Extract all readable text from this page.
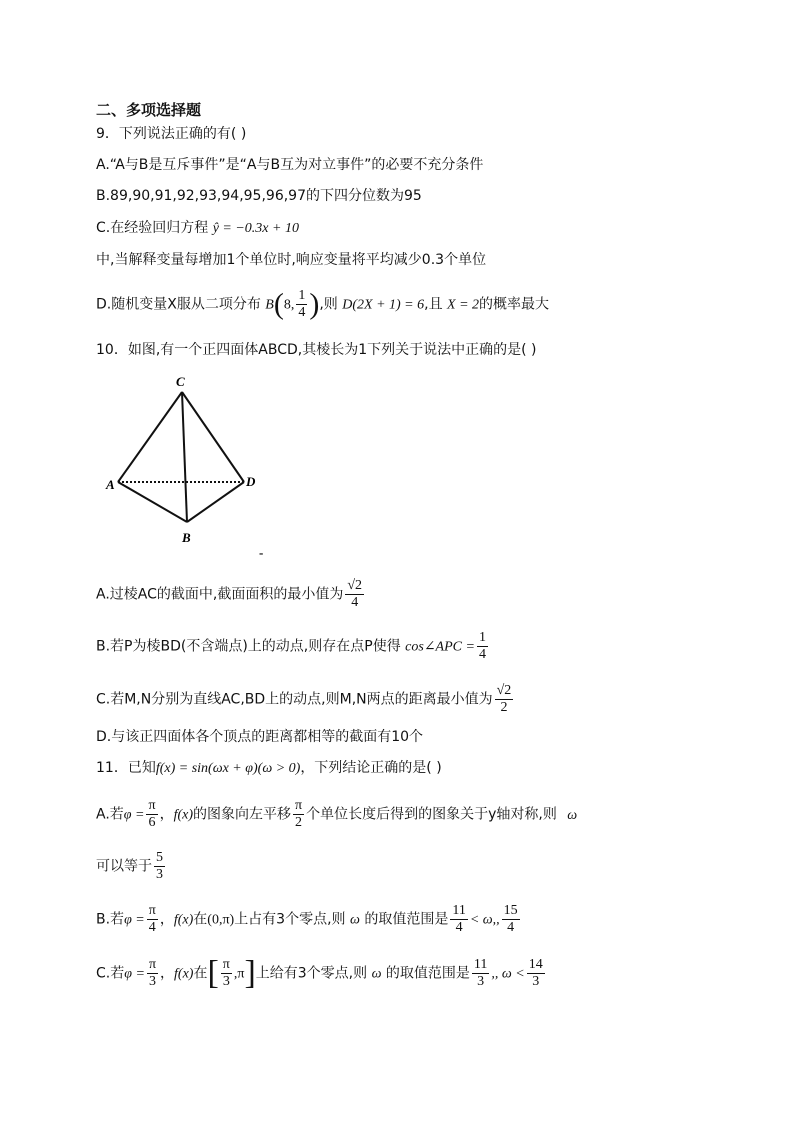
二、多项选择题
9．下列说法正确的有( )
A.“A与B是互斥事件”是“A与B互为对立事件”的必要不充分条件
B.89,90,91,92,93,94,95,96,97的下四分位数为95
C.在经验回归方程 ŷ = −0.3x + 10
中,当解释变量每增加1个单位时,响应变量将平均减少0.3个单位
D.随机变量X服从二项分布 B(8, $\frac{1}{4}$ ),则 D(2X + 1) = 6,且 X = 2的概率最大
10．如图,有一个正四面体ABCD,其棱长为1下列关于说法中正确的是( )
C
A	D
B
-
A.过棱AC的截面中,截面面积的最小值为 $\frac{√2}{4}$
B.若P为棱BD(不含端点)上的动点,则存在点P使得 cos∠APC = $\frac{1}{4}$
C.若M,N分别为直线AC,BD上的动点,则M,N两点的距离最小值为 $\frac{√2}{2}$
D.与该正四面体各个顶点的距离都相等的截面有10个
11．已知f(x) = sin(ωx + φ)(ω > 0)，下列结论正确的是( )
A.若$\varphi = \frac{\pi}{6}$ ，f(x)的图象向左平移 $\frac{\pi}{2}$ 个单位长度后得到的图象关于y轴对称,则 ω
可以等于 $\frac{5}{3}$
B.若$\varphi = \frac{\pi}{4}$ ，f(x)在(0,π)上占有3个零点,则 ω 的取值范围是 $\frac{11}{4} < \omega$,, $\frac{15}{4}$
C.若$\varphi = \frac{\pi}{3}$ ，f(x)在[ $\frac{\pi}{3} ,\pi$]上给有3个零点,则 ω 的取值范围是 $\frac{11}{3}$ ,, $\omega < \frac{14}{3}$
